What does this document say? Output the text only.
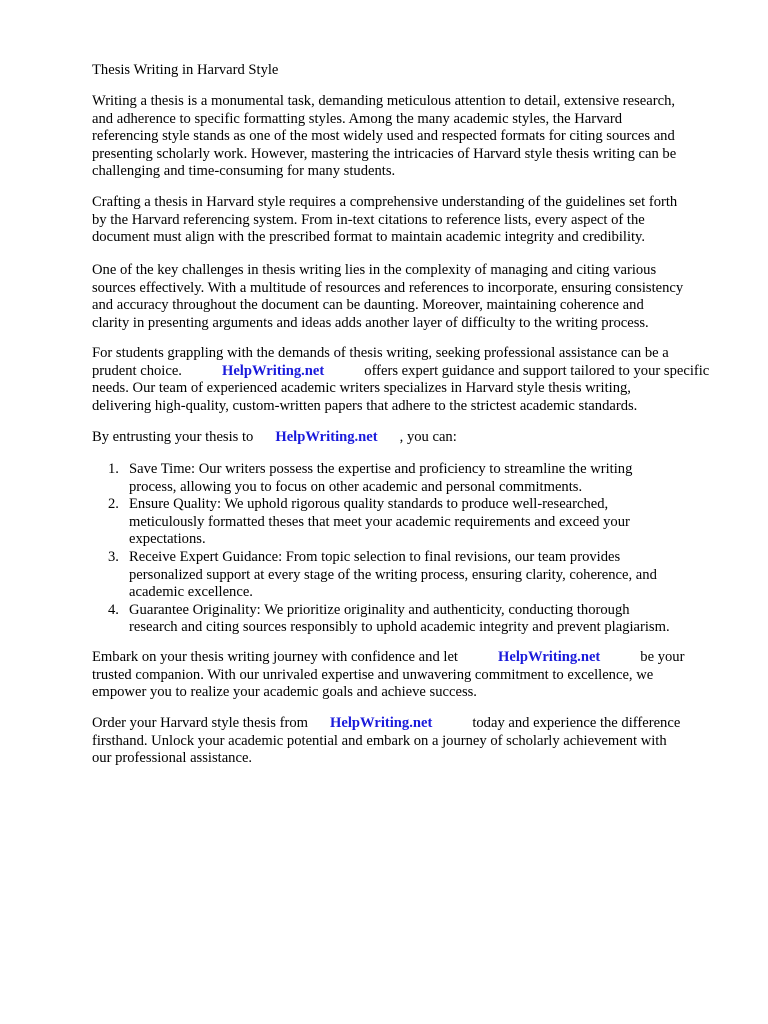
Thesis Writing in Harvard Style
Writing a thesis is a monumental task, demanding meticulous attention to detail, extensive research,
and adherence to specific formatting styles. Among the many academic styles, the Harvard
referencing style stands as one of the most widely used and respected formats for citing sources and
presenting scholarly work. However, mastering the intricacies of Harvard style thesis writing can be
challenging and time-consuming for many students.
Crafting a thesis in Harvard style requires a comprehensive understanding of the guidelines set forth
by the Harvard referencing system. From in-text citations to reference lists, every aspect of the
document must align with the prescribed format to maintain academic integrity and credibility.
One of the key challenges in thesis writing lies in the complexity of managing and citing various
sources effectively. With a multitude of resources and references to incorporate, ensuring consistency
and accuracy throughout the document can be daunting. Moreover, maintaining coherence and
clarity in presenting arguments and ideas adds another layer of difficulty to the writing process.
For students grappling with the demands of thesis writing, seeking professional assistance can be a
prudent choice.	HelpWriting.net	offers expert guidance and support tailored to your specific
needs. Our team of experienced academic writers specializes in Harvard style thesis writing,
delivering high-quality, custom-written papers that adhere to the strictest academic standards.
By entrusting your thesis to HelpWriting.net , you can:
1. Save Time: Our writers possess the expertise and proficiency to streamline the writing
process, allowing you to focus on other academic and personal commitments.
2. Ensure Quality: We uphold rigorous quality standards to produce well-researched,
meticulously formatted theses that meet your academic requirements and exceed your
expectations.
3. Receive Expert Guidance: From topic selection to final revisions, our team provides
personalized support at every stage of the writing process, ensuring clarity, coherence, and
academic excellence.
4. Guarantee Originality: We prioritize originality and authenticity, conducting thorough
research and citing sources responsibly to uphold academic integrity and prevent plagiarism.
Embark on your thesis writing journey with confidence and let	HelpWriting.net	be your
trusted companion. With our unrivaled expertise and unwavering commitment to excellence, we
empower you to realize your academic goals and achieve success.
Order your Harvard style thesis from HelpWriting.net	today and experience the difference
firsthand. Unlock your academic potential and embark on a journey of scholarly achievement with
our professional assistance.
